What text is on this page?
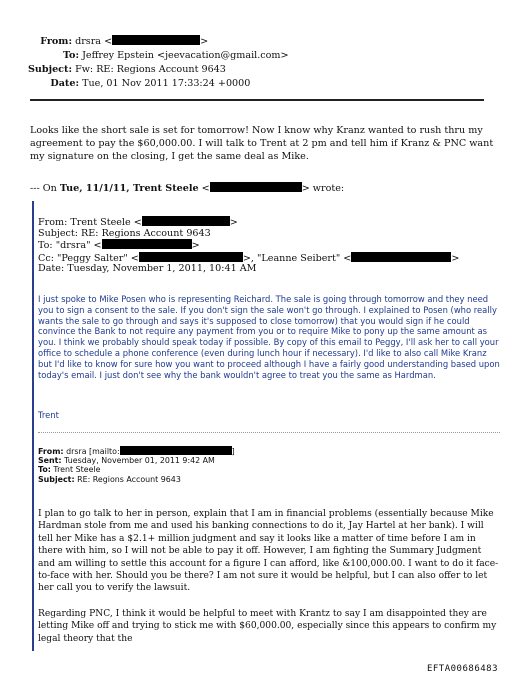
From: drsra <	>
To: Jeffrey Epstein <jeevacation@gmail.com>
Subject: Fw: RE: Regions Account 9643
Date: Tue, 01 Nov 2011 17:33:24 +0000
Looks like the short sale is set for tomorrow! Now I know why Kranz wanted to rush thru my agreement to pay the $60,000.00. I will talk to Trent at 2 pm and tell him if Kranz & PNC want my signature on the closing, I get the same deal as Mike.
--- On Tue, 11/1/11, Trent Steele <	> wrote:
From: Trent Steele <	>
Subject: RE: Regions Account 9643
To: "drsra" <	>
Cc: "Peggy Salter" <	>, "Leanne Seibert" <	>
Date: Tuesday, November 1, 2011, 10:41 AM
I just spoke to Mike Posen who is representing Reichard. The sale is going through tomorrow and they need you to sign a consent to the sale. If you don't sign the sale won't go through. I explained to Posen (who really wants the sale to go through and says it's supposed to close tomorrow) that you would sign if he could convince the Bank to not require any payment from you or to require Mike to pony up the same amount as you. I think we probably should speak today if possible. By copy of this email to Peggy, I'll ask her to call your office to schedule a phone conference (even during lunch hour if necessary). I'd like to also call Mike Kranz but I'd like to know for sure how you want to proceed although I have a fairly good understanding based upon today's email. I just don't see why the bank wouldn't agree to treat you the same as Hardman.
Trent
From: drsra [mailto:	]
Sent: Tuesday, November 01, 2011 9:42 AM
To: Trent Steele
Subject: RE: Regions Account 9643
I plan to go talk to her in person, explain that I am in financial problems (essentially because Mike Hardman stole from me and used his banking connections to do it, Jay Hartel at her bank). I will tell her Mike has a $2.1+ million judgment and say it looks like a matter of time before I am in there with him, so I will not be able to pay it off. However, I am fighting the Summary Judgment and am willing to settle this account for a figure I can afford, like &100,000.00. I want to do it face-to-face with her. Should you be there? I am not sure it would be helpful, but I can also offer to let her call you to verify the lawsuit.
Regarding PNC, I think it would be helpful to meet with Krantz to say I am disappointed they are letting Mike off and trying to stick me with $60,000.00, especially since this appears to confirm my legal theory that the
EFTA00686483
